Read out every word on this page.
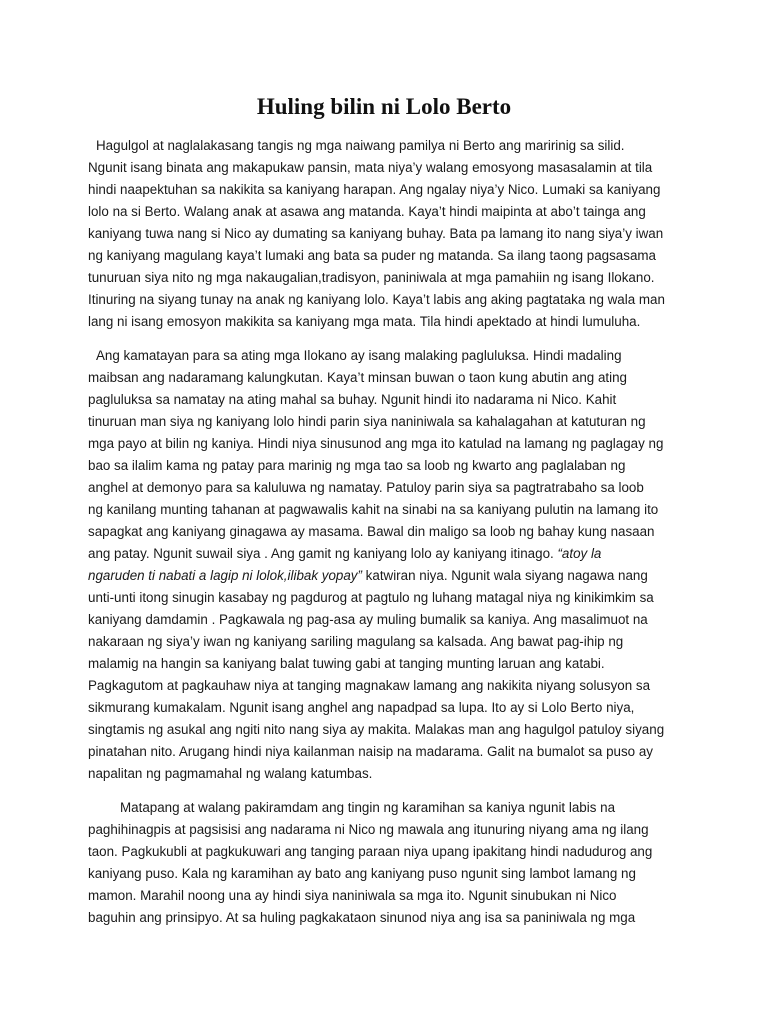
Huling bilin ni Lolo Berto

Hagulgol at naglalakasang tangis ng mga naiwang pamilya ni Berto ang maririnig sa silid.
Ngunit isang binata ang makapukaw pansin, mata niya’y walang emosyong masasalamin at tila
hindi naapektuhan sa nakikita sa kaniyang harapan. Ang ngalay niya’y Nico. Lumaki sa kaniyang
lolo na si Berto. Walang anak at asawa ang matanda. Kaya’t hindi maipinta at abo’t tainga ang
kaniyang tuwa nang si Nico ay dumating sa kaniyang buhay. Bata pa lamang ito nang siya’y iwan
ng kaniyang magulang kaya’t lumaki ang bata sa puder ng matanda. Sa ilang taong pagsasama
tunuruan siya nito ng mga nakaugalian,tradisyon, paniniwala at mga pamahiin ng isang Ilokano.
Itinuring na siyang tunay na anak ng kaniyang lolo. Kaya’t labis ang aking pagtataka ng wala man
lang ni isang emosyon makikita sa kaniyang mga mata. Tila hindi apektado at hindi lumuluha.

Ang kamatayan para sa ating mga Ilokano ay isang malaking pagluluksa. Hindi madaling
maibsan ang nadaramang kalungkutan. Kaya’t minsan buwan o taon kung abutin ang ating
pagluluksa sa namatay na ating mahal sa buhay. Ngunit hindi ito nadarama ni Nico. Kahit
tinuruan man siya ng kaniyang lolo hindi parin siya naniniwala sa kahalagahan at katuturan ng
mga payo at bilin ng kaniya. Hindi niya sinusunod ang mga ito katulad na lamang ng paglagay ng
bao sa ilalim kama ng patay para marinig ng mga tao sa loob ng kwarto ang paglalaban ng
anghel at demonyo para sa kaluluwa ng namatay. Patuloy parin siya sa pagtratrabaho sa loob
ng kanilang munting tahanan at pagwawalis kahit na sinabi na sa kaniyang pulutin na lamang ito
sapagkat ang kaniyang ginagawa ay masama. Bawal din maligo sa loob ng bahay kung nasaan
ang patay. Ngunit suwail siya . Ang gamit ng kaniyang lolo ay kaniyang itinago. “atoy la
ngaruden ti nabati a lagip ni lolok,ilibak yopay” katwiran niya. Ngunit wala siyang nagawa nang
unti-unti itong sinugin kasabay ng pagdurog at pagtulo ng luhang matagal niya ng kinikimkim sa
kaniyang damdamin . Pagkawala ng pag-asa ay muling bumalik sa kaniya. Ang masalimuot na
nakaraan ng siya’y iwan ng kaniyang sariling magulang sa kalsada. Ang bawat pag-ihip ng
malamig na hangin sa kaniyang balat tuwing gabi at tanging munting laruan ang katabi.
Pagkagutom at pagkauhaw niya at tanging magnakaw lamang ang nakikita niyang solusyon sa
sikmurang kumakalam. Ngunit isang anghel ang napadpad sa lupa. Ito ay si Lolo Berto niya,
singtamis ng asukal ang ngiti nito nang siya ay makita. Malakas man ang hagulgol patuloy siyang
pinatahan nito. Arugang hindi niya kailanman naisip na madarama. Galit na bumalot sa puso ay
napalitan ng pagmamahal ng walang katumbas.

Matapang at walang pakiramdam ang tingin ng karamihan sa kaniya ngunit labis na
paghihinagpis at pagsisisi ang nadarama ni Nico ng mawala ang itunuring niyang ama ng ilang
taon. Pagkukubli at pagkukuwari ang tanging paraan niya upang ipakitang hindi nadudurog ang
kaniyang puso. Kala ng karamihan ay bato ang kaniyang puso ngunit sing lambot lamang ng
mamon. Marahil noong una ay hindi siya naniniwala sa mga ito. Ngunit sinubukan ni Nico
baguhin ang prinsipyo. At sa huling pagkakataon sinunod niya ang isa sa paniniwala ng mga
